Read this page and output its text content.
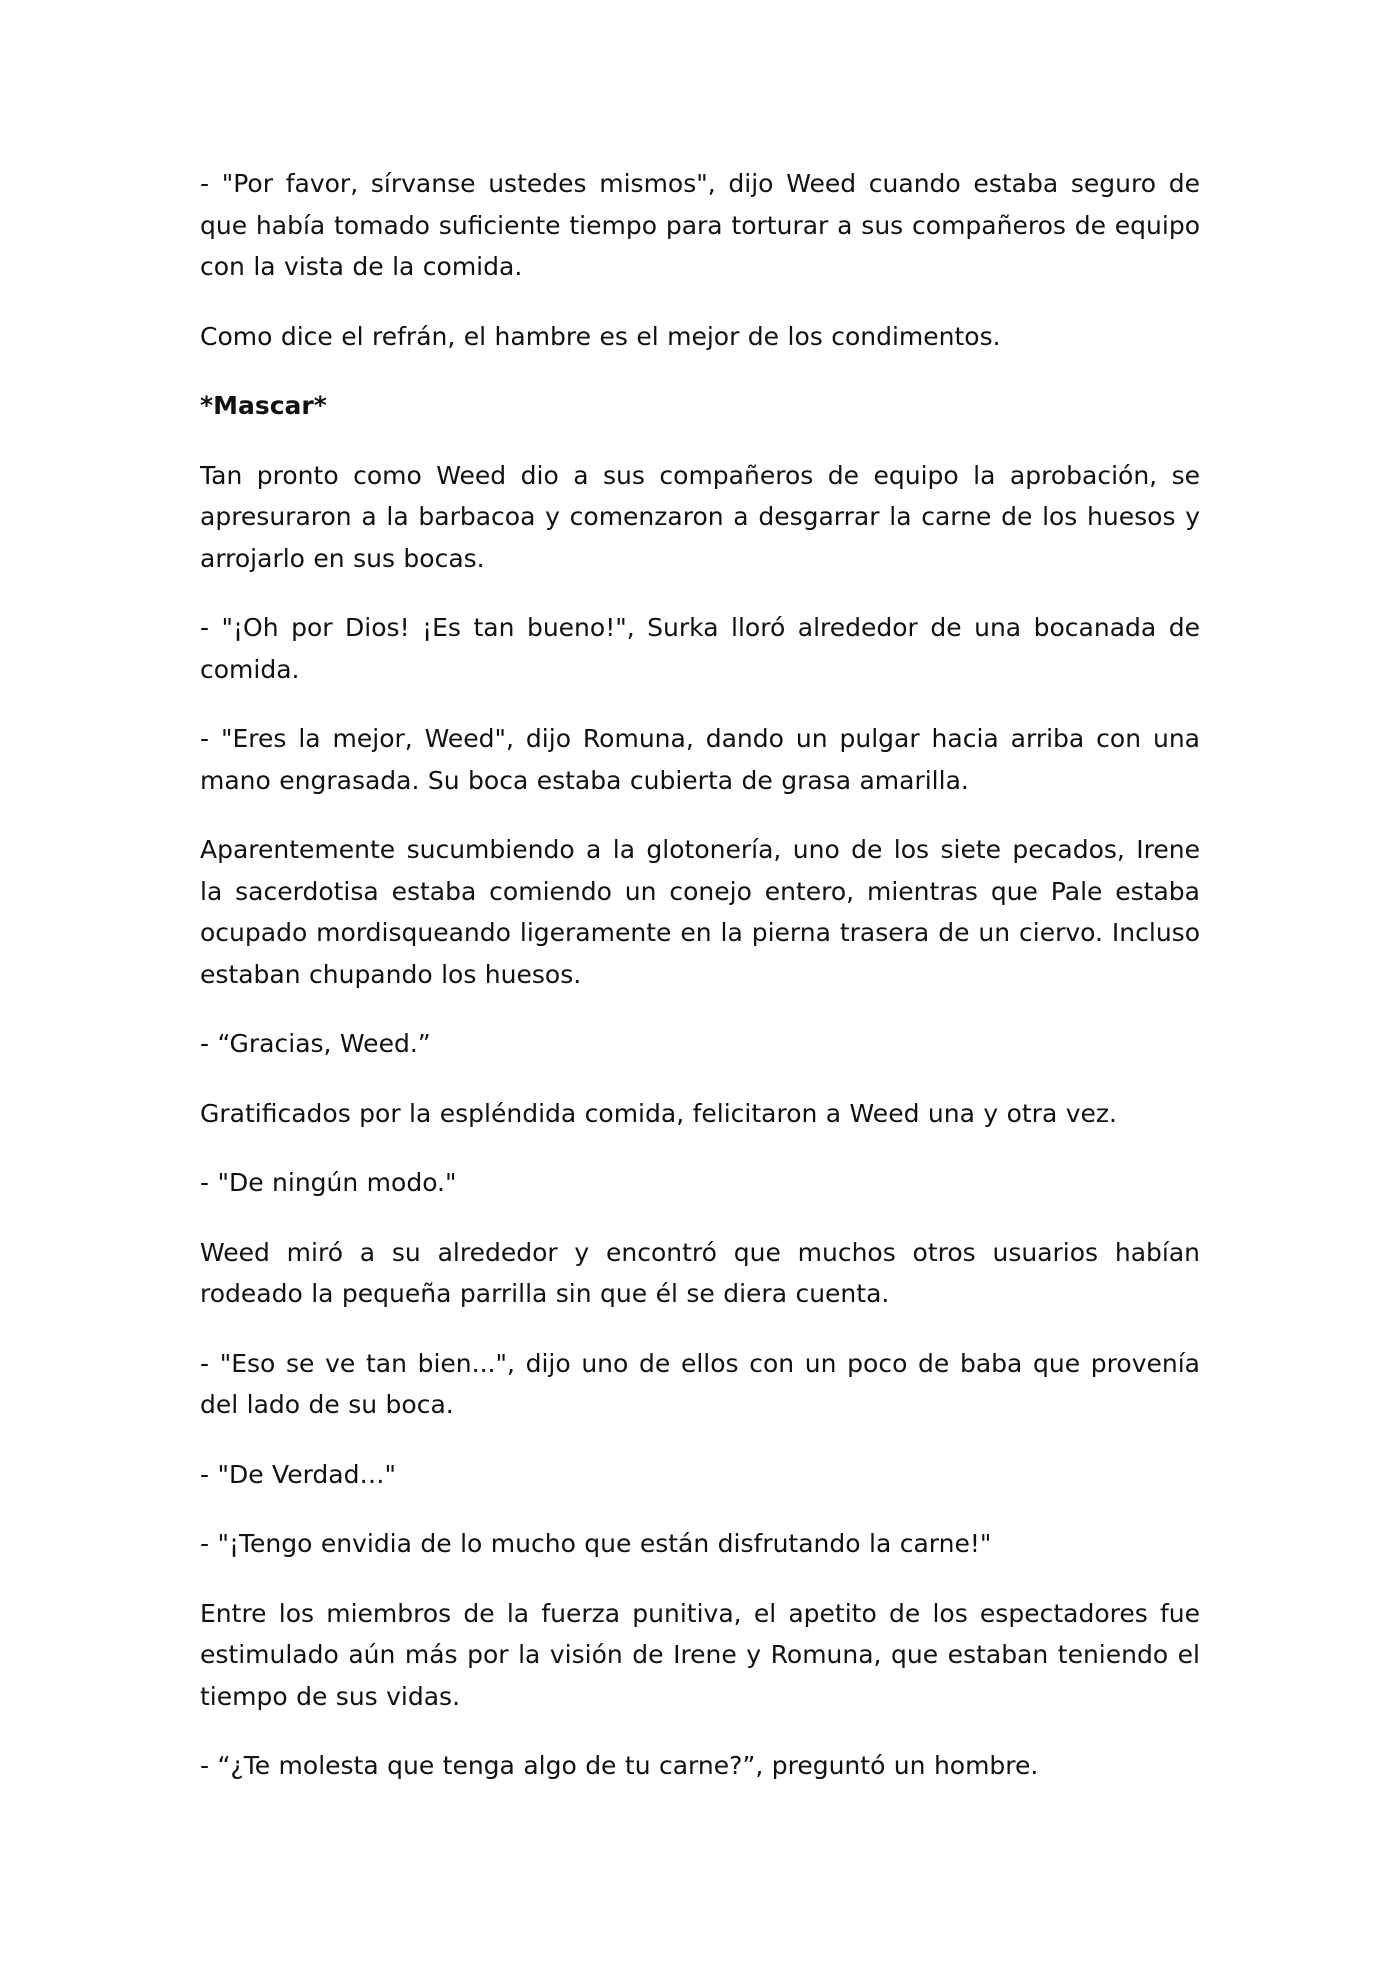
- "Por favor, sírvanse ustedes mismos", dijo Weed cuando estaba seguro de que había tomado suficiente tiempo para torturar a sus compañeros de equipo con la vista de la comida.

Como dice el refrán, el hambre es el mejor de los condimentos.

*Mascar*

Tan pronto como Weed dio a sus compañeros de equipo la aprobación, se apresuraron a la barbacoa y comenzaron a desgarrar la carne de los huesos y arrojarlo en sus bocas.

- "¡Oh por Dios! ¡Es tan bueno!", Surka lloró alrededor de una bocanada de comida.

- "Eres la mejor, Weed", dijo Romuna, dando un pulgar hacia arriba con una mano engrasada. Su boca estaba cubierta de grasa amarilla.

Aparentemente sucumbiendo a la glotonería, uno de los siete pecados, Irene la sacerdotisa estaba comiendo un conejo entero, mientras que Pale estaba ocupado mordisqueando ligeramente en la pierna trasera de un ciervo. Incluso estaban chupando los huesos.

- “Gracias, Weed.”

Gratificados por la espléndida comida, felicitaron a Weed una y otra vez.

- "De ningún modo."

Weed miró a su alrededor y encontró que muchos otros usuarios habían rodeado la pequeña parrilla sin que él se diera cuenta.

- "Eso se ve tan bien...", dijo uno de ellos con un poco de baba que provenía del lado de su boca.

- "De Verdad…"

- "¡Tengo envidia de lo mucho que están disfrutando la carne!"

Entre los miembros de la fuerza punitiva, el apetito de los espectadores fue estimulado aún más por la visión de Irene y Romuna, que estaban teniendo el tiempo de sus vidas.

- “¿Te molesta que tenga algo de tu carne?”, preguntó un hombre.
